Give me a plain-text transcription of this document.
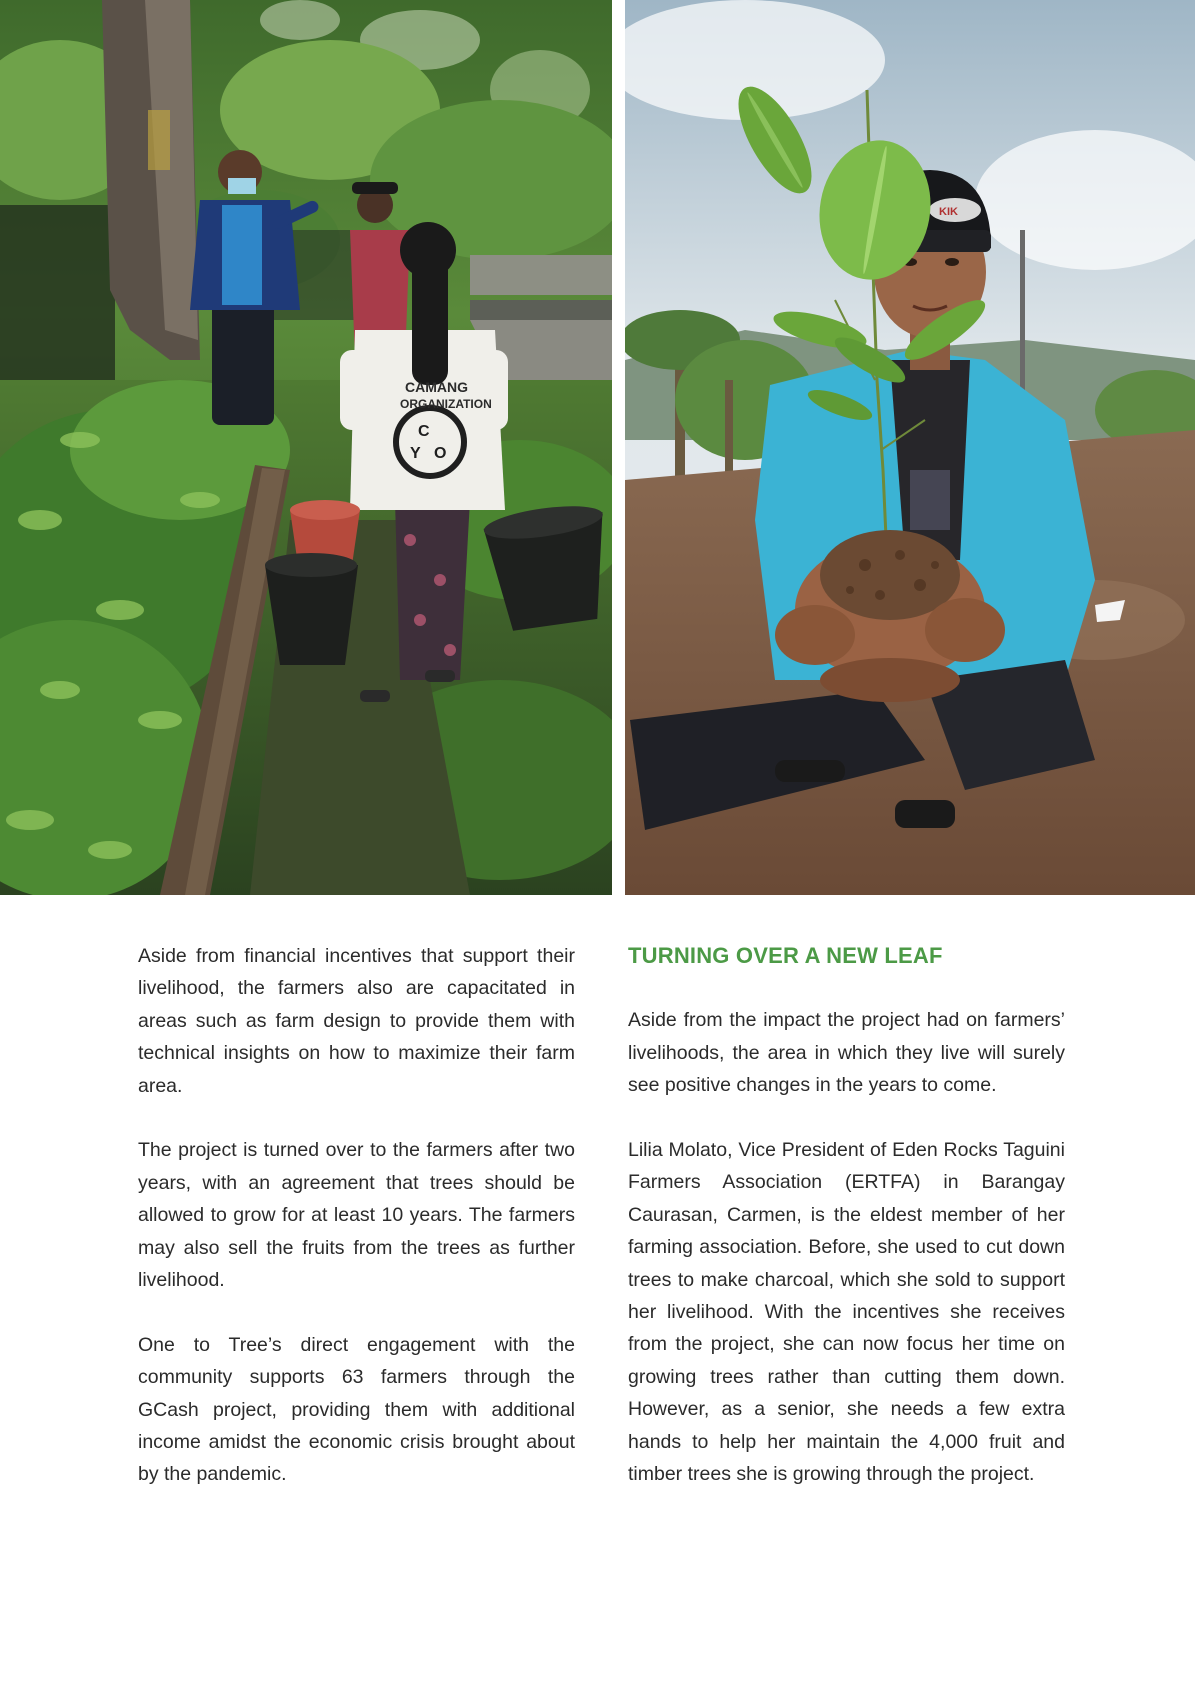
CAMANG
ORGANIZATION
C
Y O
KIK

Aside from financial incentives that support their livelihood, the farmers also are capacitated in areas such as farm design to provide them with technical insights on how to maximize their farm area.

The project is turned over to the farmers after two years, with an agreement that trees should be allowed to grow for at least 10 years. The farmers may also sell the fruits from the trees as further livelihood.

One to Tree’s direct engagement with the community supports 63 farmers through the GCash project, providing them with additional income amidst the economic crisis brought about by the pandemic.

TURNING OVER A NEW LEAF

Aside from the impact the project had on farmers’ livelihoods, the area in which they live will surely see positive changes in the years to come.

Lilia Molato, Vice President of Eden Rocks Taguini Farmers Association (ERTFA) in Barangay Caurasan, Carmen, is the eldest member of her farming association. Before, she used to cut down trees to make charcoal, which she sold to support her livelihood. With the incentives she receives from the project, she can now focus her time on growing trees rather than cutting them down. However, as a senior, she needs a few extra hands to help her maintain the 4,000 fruit and timber trees she is growing through the project.
